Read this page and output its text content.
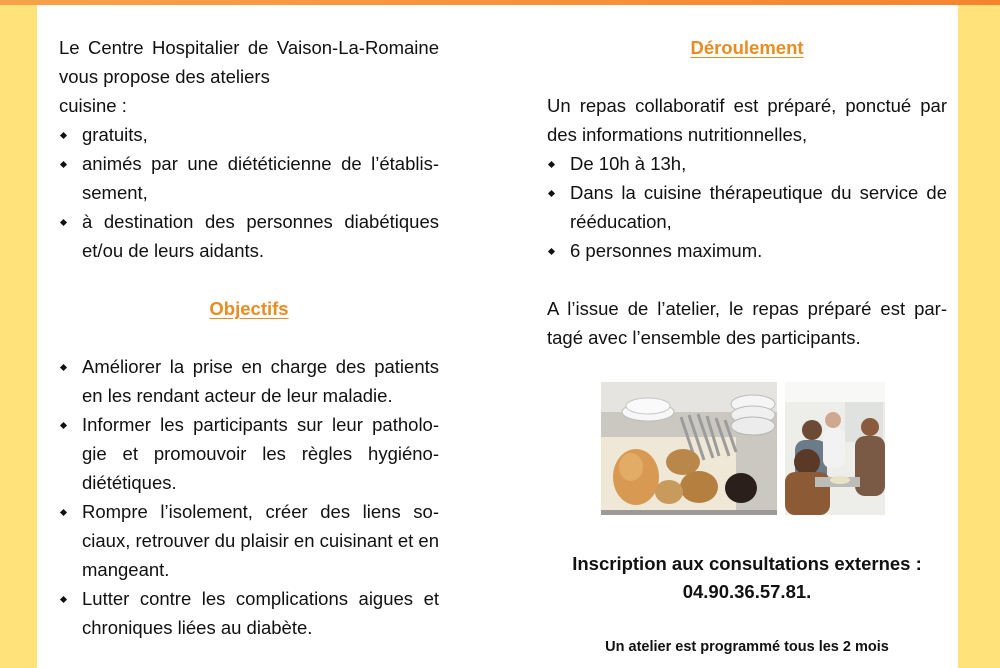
Le Centre Hospitalier de Vaison-La-Romaine vous propose des ateliers
cuisine :

gratuits,
animés par une diététicienne de l’établis-sement,
à destination des personnes diabétiques et/ou de leurs aidants.
Objectifs
Améliorer la prise en charge des patients en les rendant acteur de leur maladie.
Informer les participants sur leur patholo-gie et promouvoir les règles hygiéno-diététiques.
Rompre l’isolement, créer des liens so-ciaux, retrouver du plaisir en cuisinant et en mangeant.
Lutter contre les complications aigues et chroniques liées au diabète.
Déroulement

Un repas collaboratif est préparé, ponctué par des informations nutritionnelles,

De 10h à 13h,
Dans la cuisine thérapeutique du service de rééducation,
6 personnes maximum.

A l’issue de l’atelier, le repas préparé est par-tagé avec l’ensemble des participants.

Inscription aux consultations externes :
04.90.36.57.81.
Un atelier est programmé tous les 2 mois
